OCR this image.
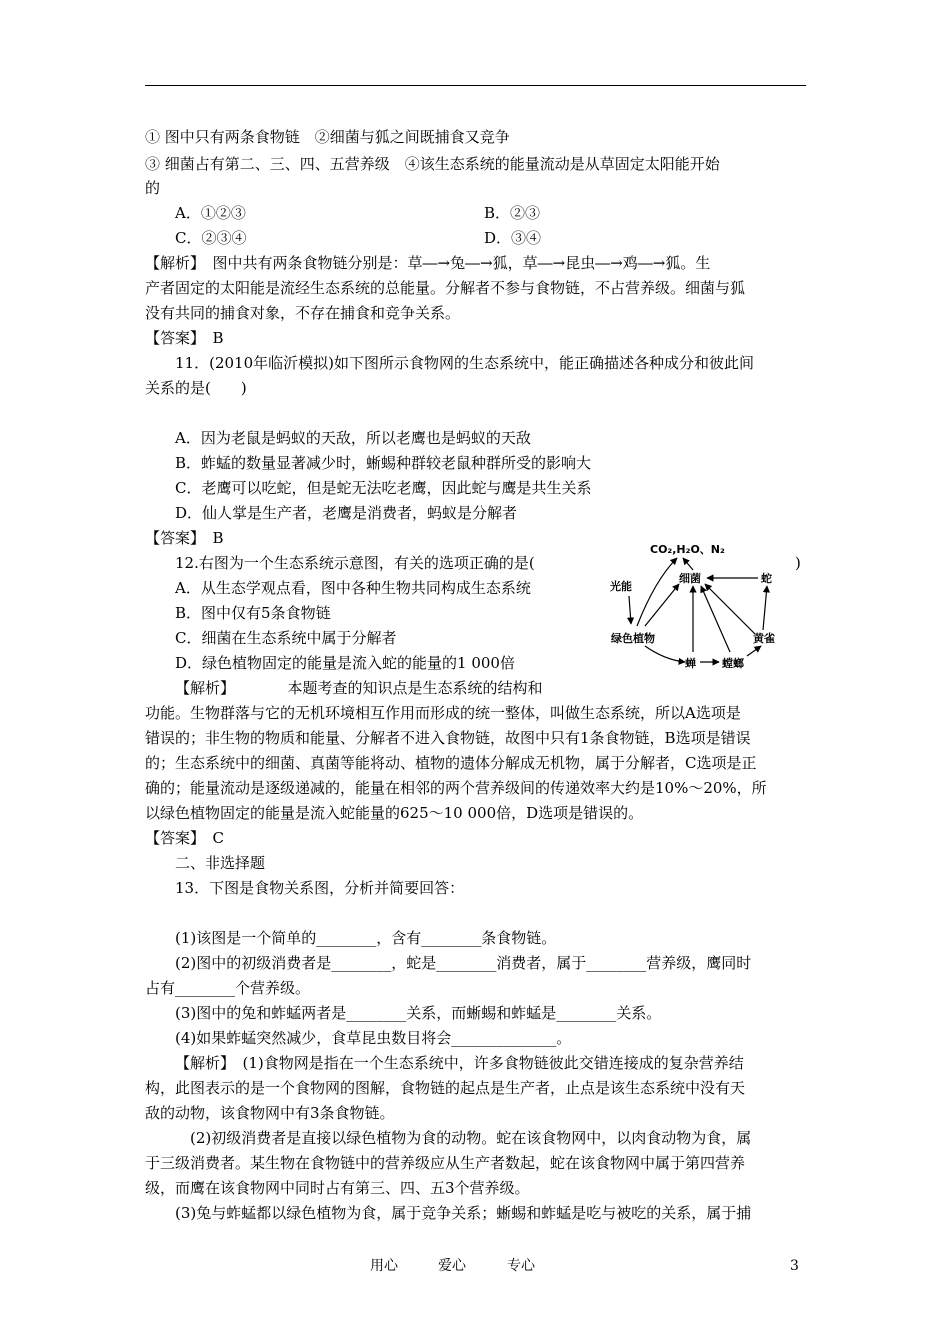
① 图中只有两条食物链　②细菌与狐之间既捕食又竞争
③ 细菌占有第二、三、四、五营养级　④该生态系统的能量流动是从草固定太阳能开始
的
A．①②③	B．②③
C．②③④	D．③④
【解析】　图中共有两条食物链分别是：草―→兔―→狐，草―→昆虫―→鸡―→狐。生
产者固定的太阳能是流经生态系统的总能量。分解者不参与食物链，不占营养级。细菌与狐
没有共同的捕食对象，不存在捕食和竞争关系。
【答案】　B
11．(2010年临沂模拟)如下图所示食物网的生态系统中，能正确描述各种成分和彼此间
关系的是(　　)
A．因为老鼠是蚂蚁的天敌，所以老鹰也是蚂蚁的天敌
B．蚱蜢的数量显著减少时，蜥蜴种群较老鼠种群所受的影响大
C．老鹰可以吃蛇，但是蛇无法吃老鹰，因此蛇与鹰是共生关系
D．仙人掌是生产者，老鹰是消费者，蚂蚁是分解者
【答案】　B
12.右图为一个生态系统示意图，有关的选项正确的是(	)
A．从生态学观点看，图中各种生物共同构成生态系统
B．图中仅有5条食物链
C．细菌在生态系统中属于分解者
D．绿色植物固定的能量是流入蛇的能量的1 000倍
CO₂,H₂O、N₂
光能
细菌	蛇
绿色植物	黄雀
蝉 螳螂
【解析】　　　　本题考查的知识点是生态系统的结构和
功能。生物群落与它的无机环境相互作用而形成的统一整体，叫做生态系统，所以A选项是
错误的；非生物的物质和能量、分解者不进入食物链，故图中只有1条食物链，B选项是错误
的；生态系统中的细菌、真菌等能将动、植物的遗体分解成无机物，属于分解者，C选项是正
确的；能量流动是逐级递减的，能量在相邻的两个营养级间的传递效率大约是10%～20%，所
以绿色植物固定的能量是流入蛇能量的625～10 000倍，D选项是错误的。
【答案】　C
二、非选择题
13．下图是食物关系图，分析并简要回答：
(1)该图是一个简单的________，含有________条食物链。
(2)图中的初级消费者是________，蛇是________消费者，属于________营养级，鹰同时
占有________个营养级。
(3)图中的兔和蚱蜢两者是________关系，而蜥蜴和蚱蜢是________关系。
(4)如果蚱蜢突然减少，食草昆虫数目将会______________。
【解析】　(1)食物网是指在一个生态系统中，许多食物链彼此交错连接成的复杂营养结
构，此图表示的是一个食物网的图解，食物链的起点是生产者，止点是该生态系统中没有天
敌的动物，该食物网中有3条食物链。
(2)初级消费者是直接以绿色植物为食的动物。蛇在该食物网中，以肉食动物为食，属
于三级消费者。某生物在食物链中的营养级应从生产者数起，蛇在该食物网中属于第四营养
级，而鹰在该食物网中同时占有第三、四、五3个营养级。
(3)兔与蚱蜢都以绿色植物为食，属于竞争关系；蜥蜴和蚱蜢是吃与被吃的关系，属于捕
用心	爱心	专心	3
